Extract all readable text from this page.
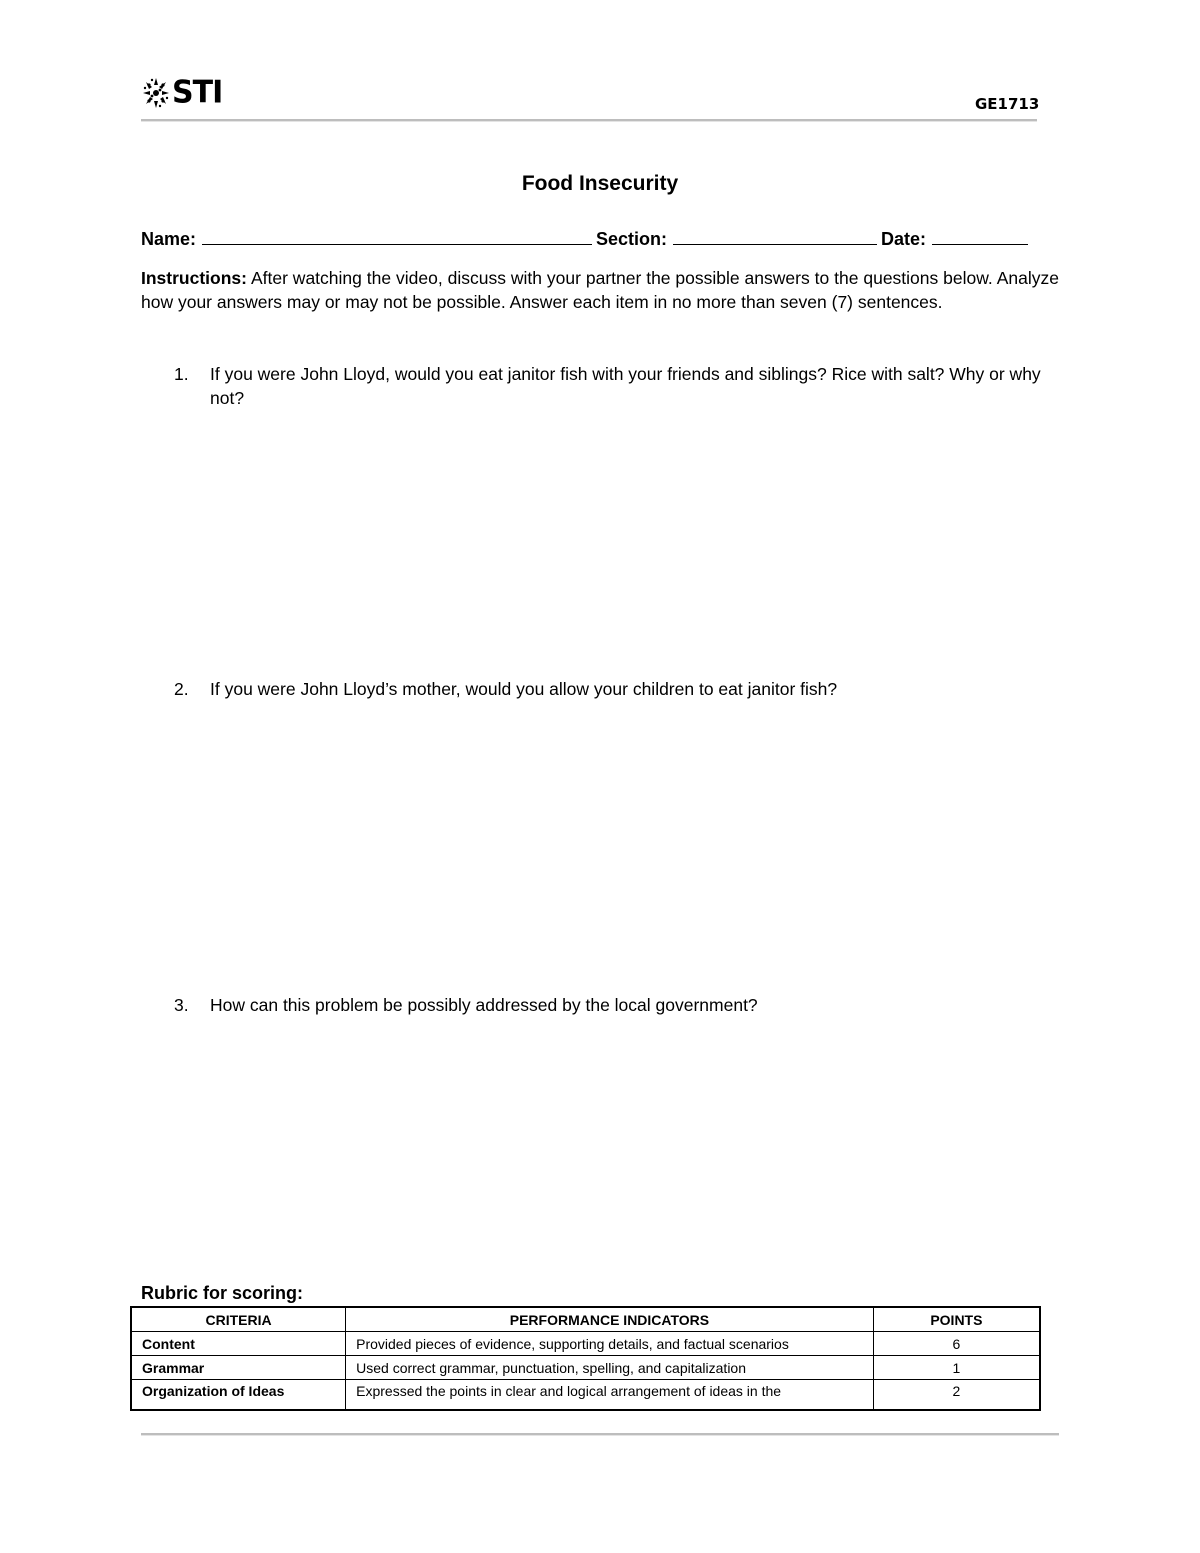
STI	GE1713
Food Insecurity
Name:	Section:	Date:
Instructions: After watching the video, discuss with your partner the possible answers to the questions below. Analyze how your answers may or may not be possible. Answer each item in no more than seven (7) sentences.
1.	If you were John Lloyd, would you eat janitor fish with your friends and siblings? Rice with salt? Why or why not?
2.	If you were John Lloyd’s mother, would you allow your children to eat janitor fish?
3.	How can this problem be possibly addressed by the local government?
Rubric for scoring:
CRITERIA	PERFORMANCE INDICATORS	POINTS
Content	Provided pieces of evidence, supporting details, and factual scenarios	6
Grammar	Used correct grammar, punctuation, spelling, and capitalization	1
Organization of Ideas	Expressed the points in clear and logical arrangement of ideas in the	2
